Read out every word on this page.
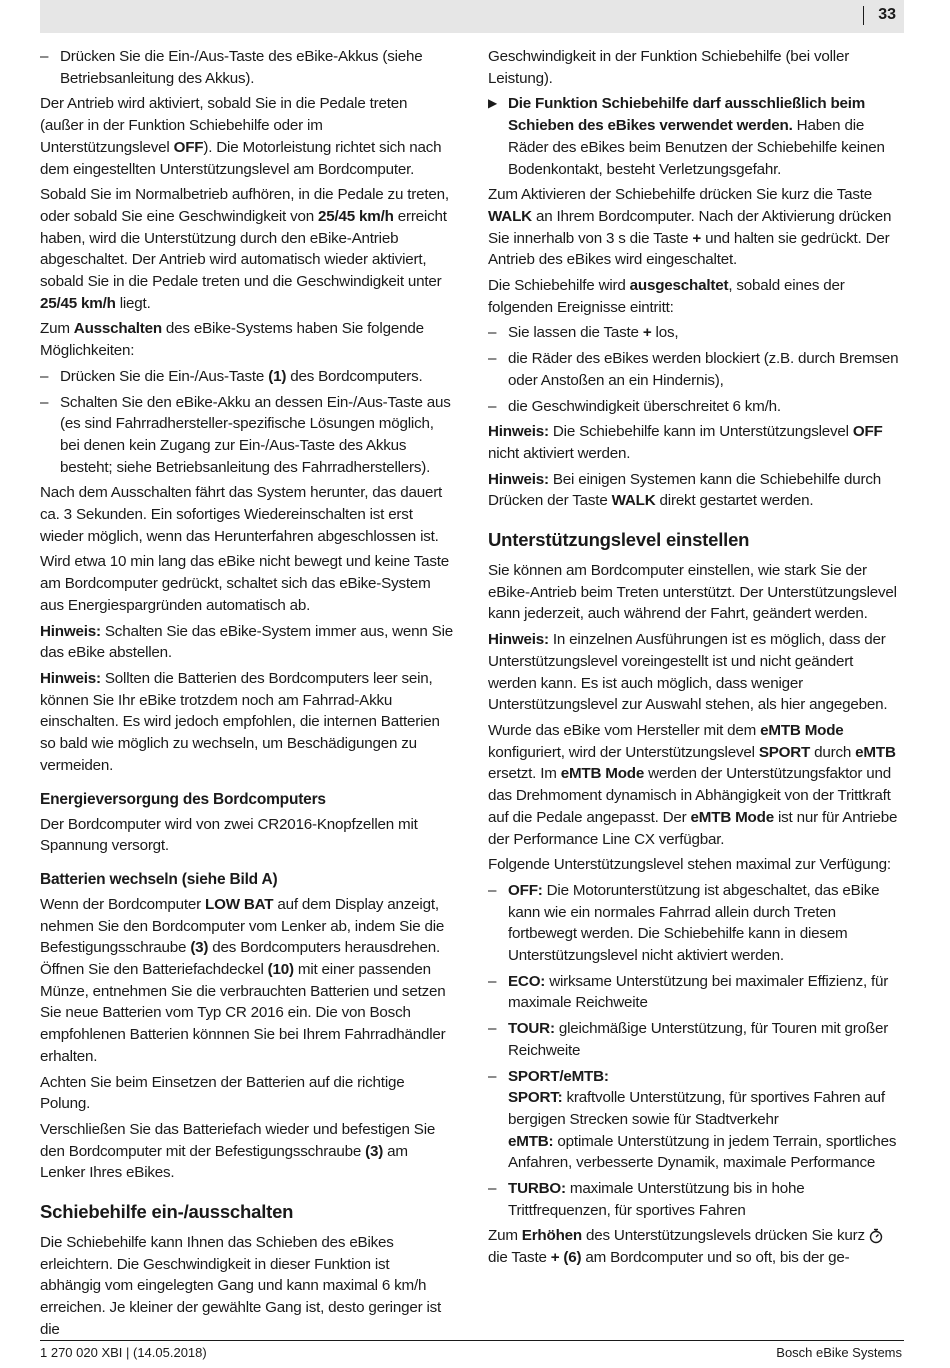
33
– Drücken Sie die Ein-/Aus-Taste des eBike-Akkus (siehe Betriebsanleitung des Akkus).

Der Antrieb wird aktiviert, sobald Sie in die Pedale treten (außer in der Funktion Schiebehilfe oder im Unterstützungslevel OFF). Die Motorleistung richtet sich nach dem eingestellten Unterstützungslevel am Bordcomputer.

Sobald Sie im Normalbetrieb aufhören, in die Pedale zu treten, oder sobald Sie eine Geschwindigkeit von 25/45 km/h erreicht haben, wird die Unterstützung durch den eBike-Antrieb abgeschaltet. Der Antrieb wird automatisch wieder aktiviert, sobald Sie in die Pedale treten und die Geschwindigkeit unter 25/45 km/h liegt.

Zum Ausschalten des eBike-Systems haben Sie folgende Möglichkeiten:

– Drücken Sie die Ein-/Aus-Taste (1) des Bordcomputers.
– Schalten Sie den eBike-Akku an dessen Ein-/Aus-Taste aus (es sind Fahrradhersteller-spezifische Lösungen möglich, bei denen kein Zugang zur Ein-/Aus-Taste des Akkus besteht; siehe Betriebsanleitung des Fahrradherstellers).

Nach dem Ausschalten fährt das System herunter, das dauert ca. 3 Sekunden. Ein sofortiges Wiedereinschalten ist erst wieder möglich, wenn das Herunterfahren abgeschlossen ist.

Wird etwa 10 min lang das eBike nicht bewegt und keine Taste am Bordcomputer gedrückt, schaltet sich das eBike-System aus Energiespargründen automatisch ab.

Hinweis: Schalten Sie das eBike-System immer aus, wenn Sie das eBike abstellen.

Hinweis: Sollten die Batterien des Bordcomputers leer sein, können Sie Ihr eBike trotzdem noch am Fahrrad-Akku einschalten. Es wird jedoch empfohlen, die internen Batterien so bald wie möglich zu wechseln, um Beschädigungen zu vermeiden.

Energieversorgung des Bordcomputers

Der Bordcomputer wird von zwei CR2016-Knopfzellen mit Spannung versorgt.

Batterien wechseln (siehe Bild A)

Wenn der Bordcomputer LOW BAT auf dem Display anzeigt, nehmen Sie den Bordcomputer vom Lenker ab, indem Sie die Befestigungsschraube (3) des Bordcomputers herausdrehen. Öffnen Sie den Batteriefachdeckel (10) mit einer passenden Münze, entnehmen Sie die verbrauchten Batterien und setzen Sie neue Batterien vom Typ CR 2016 ein. Die von Bosch empfohlenen Batterien könnnen Sie bei Ihrem Fahrradhändler erhalten.

Achten Sie beim Einsetzen der Batterien auf die richtige Polung.

Verschließen Sie das Batteriefach wieder und befestigen Sie den Bordcomputer mit der Befestigungsschraube (3) am Lenker Ihres eBikes.

Schiebehilfe ein-/ausschalten

Die Schiebehilfe kann Ihnen das Schieben des eBikes erleichtern. Die Geschwindigkeit in dieser Funktion ist abhängig vom eingelegten Gang und kann maximal 6 km/h erreichen. Je kleiner der gewählte Gang ist, desto geringer ist die

Geschwindigkeit in der Funktion Schiebehilfe (bei voller Leistung).

▶ Die Funktion Schiebehilfe darf ausschließlich beim Schieben des eBikes verwendet werden. Haben die Räder des eBikes beim Benutzen der Schiebehilfe keinen Bodenkontakt, besteht Verletzungsgefahr.

Zum Aktivieren der Schiebehilfe drücken Sie kurz die Taste WALK an Ihrem Bordcomputer. Nach der Aktivierung drücken Sie innerhalb von 3 s die Taste + und halten sie gedrückt. Der Antrieb des eBikes wird eingeschaltet.

Die Schiebehilfe wird ausgeschaltet, sobald eines der folgenden Ereignisse eintritt:

– Sie lassen die Taste + los,
– die Räder des eBikes werden blockiert (z.B. durch Bremsen oder Anstoßen an ein Hindernis),
– die Geschwindigkeit überschreitet 6 km/h.

Hinweis: Die Schiebehilfe kann im Unterstützungslevel OFF nicht aktiviert werden.

Hinweis: Bei einigen Systemen kann die Schiebehilfe durch Drücken der Taste WALK direkt gestartet werden.

Unterstützungslevel einstellen

Sie können am Bordcomputer einstellen, wie stark Sie der eBike-Antrieb beim Treten unterstützt. Der Unterstützungslevel kann jederzeit, auch während der Fahrt, geändert werden.

Hinweis: In einzelnen Ausführungen ist es möglich, dass der Unterstützungslevel voreingestellt ist und nicht geändert werden kann. Es ist auch möglich, dass weniger Unterstützungslevel zur Auswahl stehen, als hier angegeben.

Wurde das eBike vom Hersteller mit dem eMTB Mode konfiguriert, wird der Unterstützungslevel SPORT durch eMTB ersetzt. Im eMTB Mode werden der Unterstützungsfaktor und das Drehmoment dynamisch in Abhängigkeit von der Trittkraft auf die Pedale angepasst. Der eMTB Mode ist nur für Antriebe der Performance Line CX verfügbar.

Folgende Unterstützungslevel stehen maximal zur Verfügung:

– OFF: Die Motorunterstützung ist abgeschaltet, das eBike kann wie ein normales Fahrrad allein durch Treten fortbewegt werden. Die Schiebehilfe kann in diesem Unterstützungslevel nicht aktiviert werden.
– ECO: wirksame Unterstützung bei maximaler Effizienz, für maximale Reichweite
– TOUR: gleichmäßige Unterstützung, für Touren mit großer Reichweite
– SPORT/eMTB:
SPORT: kraftvolle Unterstützung, für sportives Fahren auf bergigen Strecken sowie für Stadtverkehr
eMTB: optimale Unterstützung in jedem Terrain, sportliches Anfahren, verbesserte Dynamik, maximale Performance
– TURBO: maximale Unterstützung bis in hohe Trittfrequenzen, für sportives Fahren

Zum Erhöhen des Unterstützungslevels drücken Sie kurz  die Taste + (6) am Bordcomputer und so oft, bis der ge-

1 270 020 XBI | (14.05.2018)	Bosch eBike Systems
